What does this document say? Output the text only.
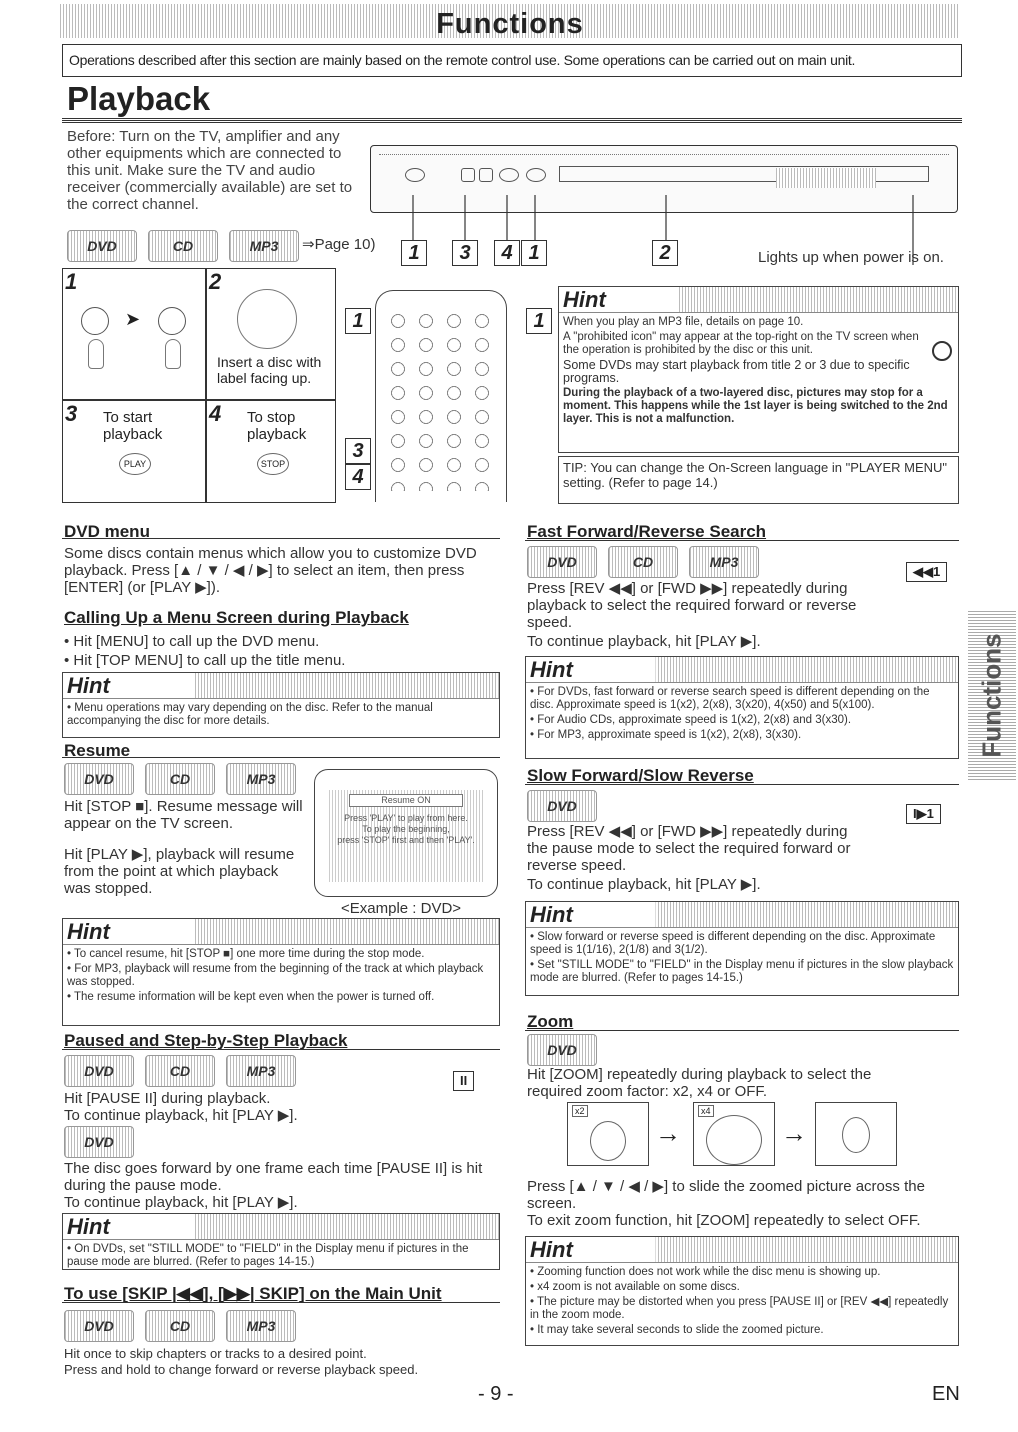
Functions
Operations described after this section are mainly based on the remote control use. Some operations can be carried out on main unit.
Playback
Before: Turn on the TV, amplifier and any other equipments which are connected to this unit. Make sure the TV and audio receiver (commercially available) are set to the correct channel.
DVD	CD	MP3	⇒Page 10)	1	3	4 1	2	Lights up when power is on.
1
➤
2
Insert a disc with label facing up.
3 To start playback
PLAY
4 To stop playback
STOP
1	1
3
4
Hint
When you play an MP3 file, details on page 10.
A "prohibited icon" may appear at the top-right on the TV screen when the operation is prohibited by the disc or this unit.
Some DVDs may start playback from title 2 or 3 due to specific programs.
During the playback of a two-layered disc, pictures may stop for a moment. This happens while the 1st layer is being switched to the 2nd layer. This is not a malfunction.
TIP: You can change the On-Screen language in "PLAYER MENU" setting. (Refer to page 14.)
DVD menu
Some discs contain menus which allow you to customize DVD playback. Press [▲ / ▼ / ◀ / ▶] to select an item, then press [ENTER] (or [PLAY ▶]).
Calling Up a Menu Screen during Playback
• Hit [MENU] to call up the DVD menu.
• Hit [TOP MENU] to call up the title menu.
Hint
• Menu operations may vary depending on the disc. Refer to the manual accompanying the disc for more details.
Resume
DVD	CD	MP3
Hit [STOP ■]. Resume message will appear on the TV screen.
Hit [PLAY ▶], playback will resume from the point at which playback was stopped.
Resume ON
Press 'PLAY' to play from here.
To play the beginning,
press 'STOP' first and then 'PLAY'.
<Example : DVD>
Hint
• To cancel resume, hit [STOP ■] one more time during the stop mode.
• For MP3, playback will resume from the beginning of the track at which playback was stopped.
• The resume information will be kept even when the power is turned off.
Paused and Step-by-Step Playback
DVD	CD	MP3
II
Hit [PAUSE II] during playback.
To continue playback, hit [PLAY ▶].
DVD
The disc goes forward by one frame each time [PAUSE II] is hit during the pause mode.
To continue playback, hit [PLAY ▶].
Hint
• On DVDs, set "STILL MODE" to "FIELD" in the Display menu if pictures in the pause mode are blurred. (Refer to pages 14-15.)
To use [SKIP |◀◀], [▶▶| SKIP] on the Main Unit
DVD	CD	MP3
Hit once to skip chapters or tracks to a desired point.
Press and hold to change forward or reverse playback speed.
Fast Forward/Reverse Search
DVD	CD	MP3
◀◀1
Press [REV ◀◀] or [FWD ▶▶] repeatedly during playback to select the required forward or reverse speed.
To continue playback, hit [PLAY ▶].
Hint
• For DVDs, fast forward or reverse search speed is different depending on the disc. Approximate speed is 1(x2), 2(x8), 3(x20), 4(x50) and 5(x100).
• For Audio CDs, approximate speed is 1(x2), 2(x8) and 3(x30).
• For MP3, approximate speed is 1(x2), 2(x8), 3(x30).
Slow Forward/Slow Reverse
DVD	I▶1
Press [REV ◀◀] or [FWD ▶▶] repeatedly during the pause mode to select the required forward or reverse speed.
To continue playback, hit [PLAY ▶].
Hint
• Slow forward or reverse speed is different depending on the disc. Approximate speed is 1(1/16), 2(1/8) and 3(1/2).
• Set "STILL MODE" to "FIELD" in the Display menu if pictures in the slow playback mode are blurred. (Refer to pages 14-15.)
Zoom
DVD
Hit [ZOOM] repeatedly during playback to select the required zoom factor: x2, x4 or OFF.
x2
→
x4
→
Press [▲ / ▼ / ◀ / ▶] to slide the zoomed picture across the screen.
To exit zoom function, hit [ZOOM] repeatedly to select OFF.
Hint
• Zooming function does not work while the disc menu is showing up.
• x4 zoom is not available on some discs.
• The picture may be distorted when you press [PAUSE II] or [REV ◀◀] repeatedly in the zoom mode.
• It may take several seconds to slide the zoomed picture.
Functions
- 9 -	EN
